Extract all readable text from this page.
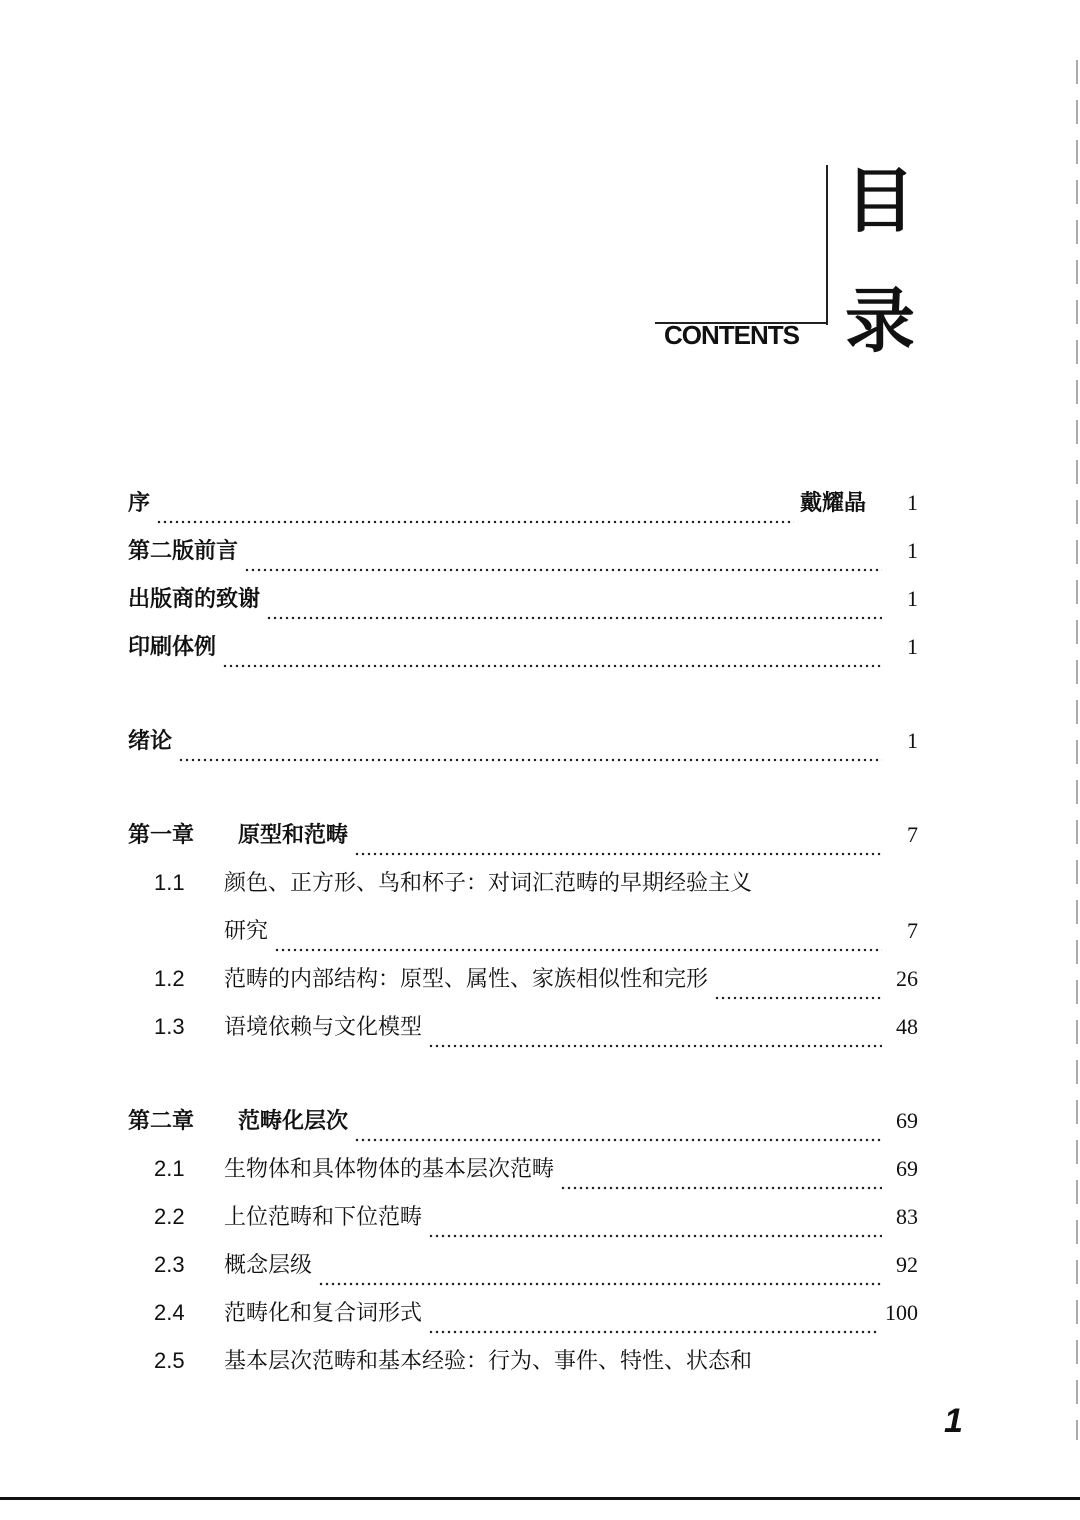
CONTENTS
目
录
序	戴耀晶	1
第二版前言	1
出版商的致谢	1
印刷体例	1
绪论	1
第一章	原型和范畴	7
1.1	颜色、正方形、鸟和杯子：对词汇范畴的早期经验主义
研究	7
1.2	范畴的内部结构：原型、属性、家族相似性和完形	26
1.3	语境依赖与文化模型	48
第二章	范畴化层次	69
2.1	生物体和具体物体的基本层次范畴	69
2.2	上位范畴和下位范畴	83
2.3	概念层级	92
2.4	范畴化和复合词形式	100
2.5	基本层次范畴和基本经验：行为、事件、特性、状态和
1
